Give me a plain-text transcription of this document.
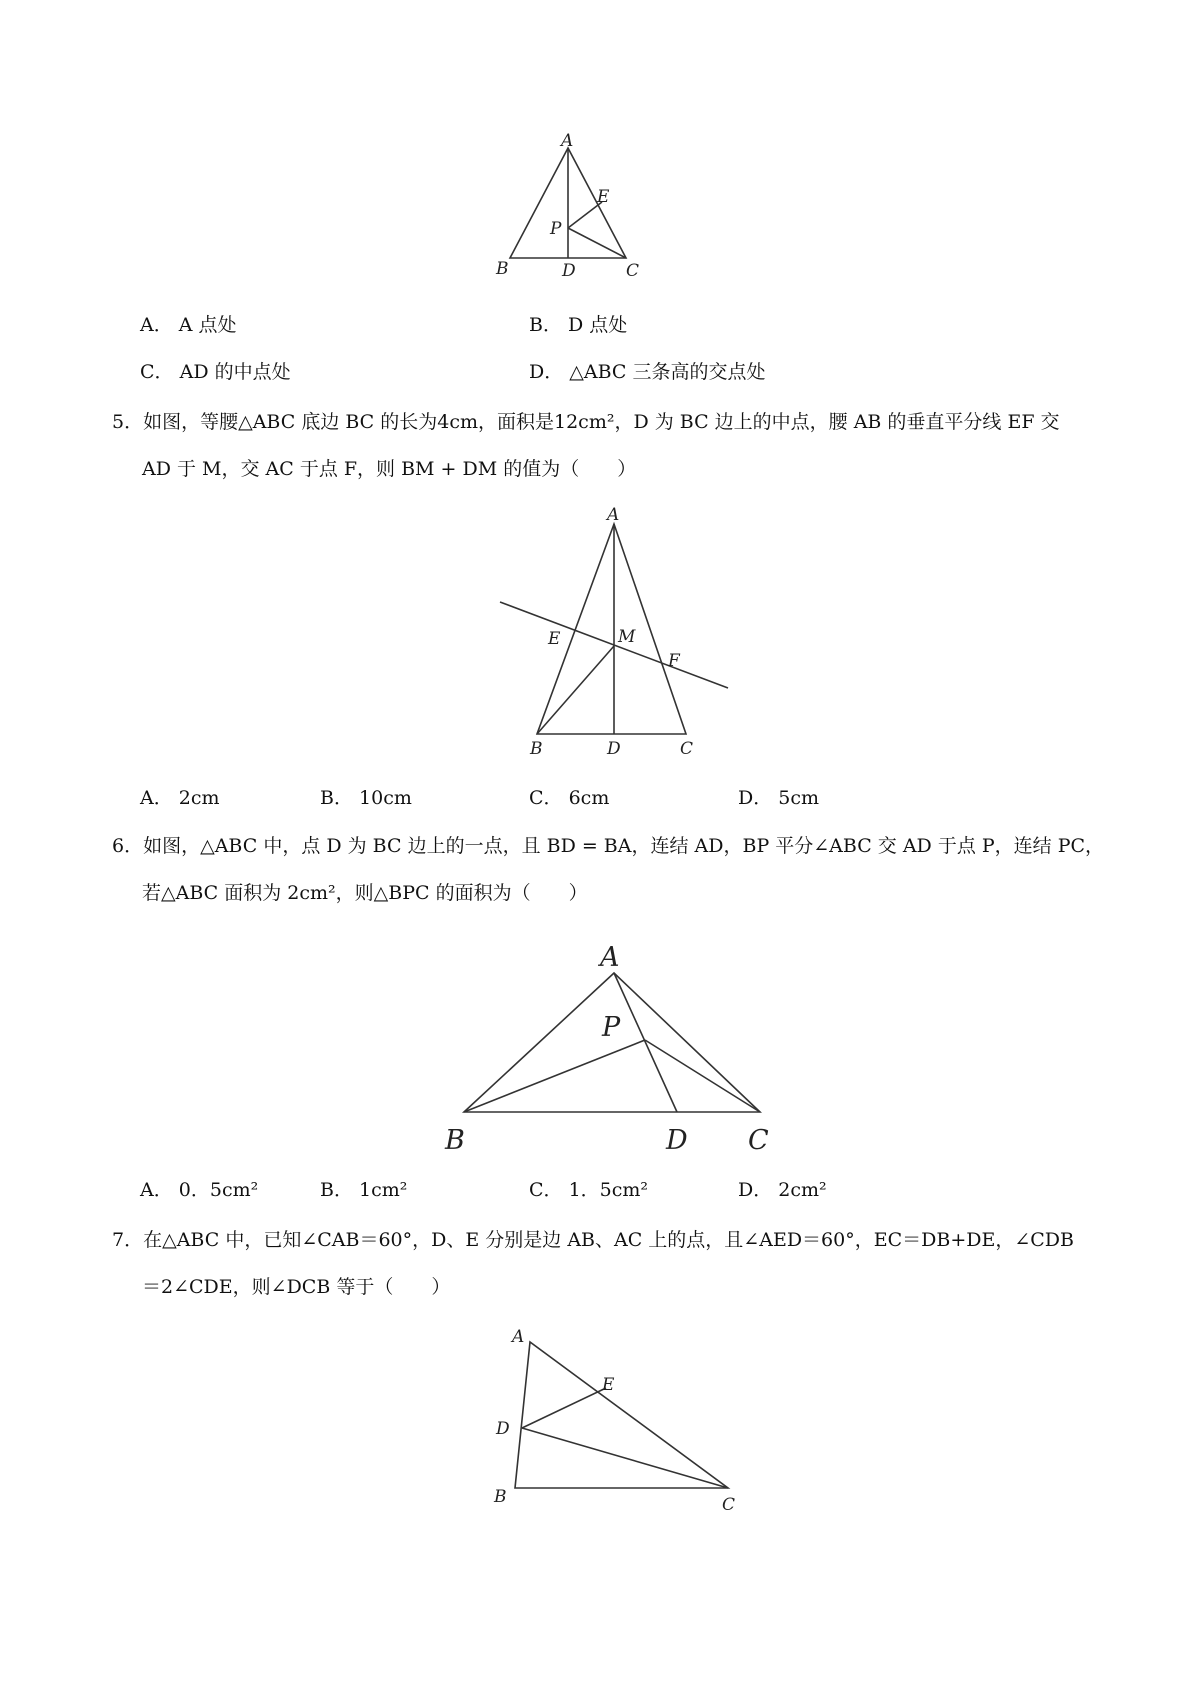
A
B	D	C
E
P
A． A 点处	B． D 点处
C． AD 的中点处	D． △ABC 三条高的交点处
5．如图，等腰△ABC 底边 BC 的长为4cm，面积是12cm²，D 为 BC 边上的中点，腰 AB 的垂直平分线 EF 交
AD 于 M，交 AC 于点 F，则 BM + DM 的值为（　　）
A
B	D	C
E	M
F
A． 2cm	B． 10cm	C． 6cm	D． 5cm
6．如图，△ABC 中，点 D 为 BC 边上的一点，且 BD = BA，连结 AD，BP 平分∠ABC 交 AD 于点 P，连结 PC，
若△ABC 面积为 2cm²，则△BPC 的面积为（　　）
A
P
B	D C
A． 0．5cm²	B． 1cm²	C． 1．5cm²	D． 2cm²
7．在△ABC 中，已知∠CAB＝60°，D、E 分别是边 AB、AC 上的点，且∠AED＝60°，EC＝DB+DE，∠CDB
＝2∠CDE，则∠DCB 等于（　　）
A
E
D
B	C
